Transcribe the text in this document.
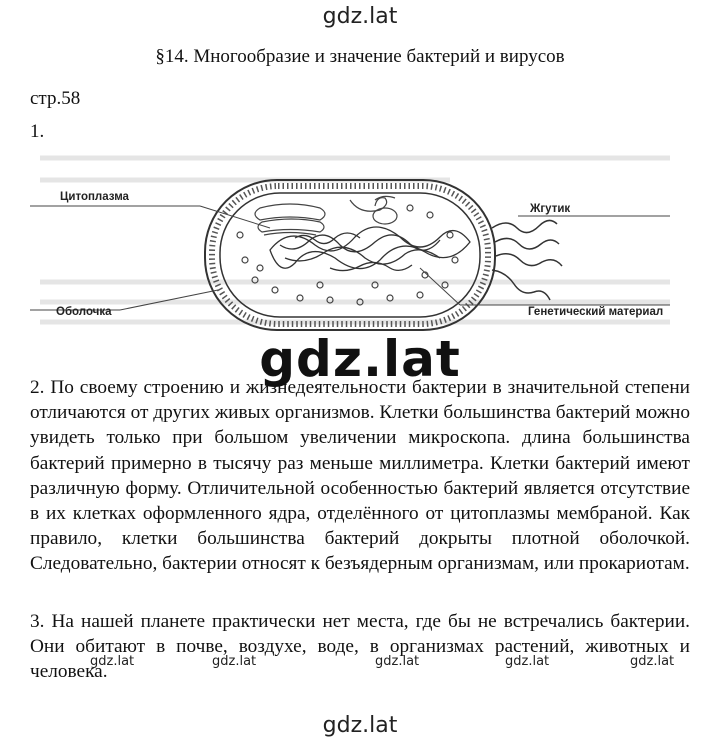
gdz.lat
§14. Многообразие и значение бактерий и вирусов
стр.58
1.
Цитоплазма
Жгутик
Оболочка	Генетический материал
gdz.lat
2. По своему строению и жизнедеятельности бактерии в значительной степени отличаются от других живых организмов. Клетки большинства бактерий можно увидеть только при большом увеличении микроскопа. длина большинства бактерий примерно в тысячу раз меньше миллиметра. Клетки бактерий имеют различную форму. Отличительной особенностью бактерий является отсутствие в их клетках оформленного ядра, отделённого от цитоплазмы мембраной. Как правило, клетки большинства бактерий докрыты плотной оболочкой. Следовательно, бактерии относят к безъядерным организмам, или прокариотам.
3. На нашей планете практически нет места, где бы не встречались бактерии. Они обитают в почве, воздухе, воде, в организмах растений, животных и человека.
gdz.lat	gdz.lat	gdz.lat	gdz.lat	gdz.lat
gdz.lat
